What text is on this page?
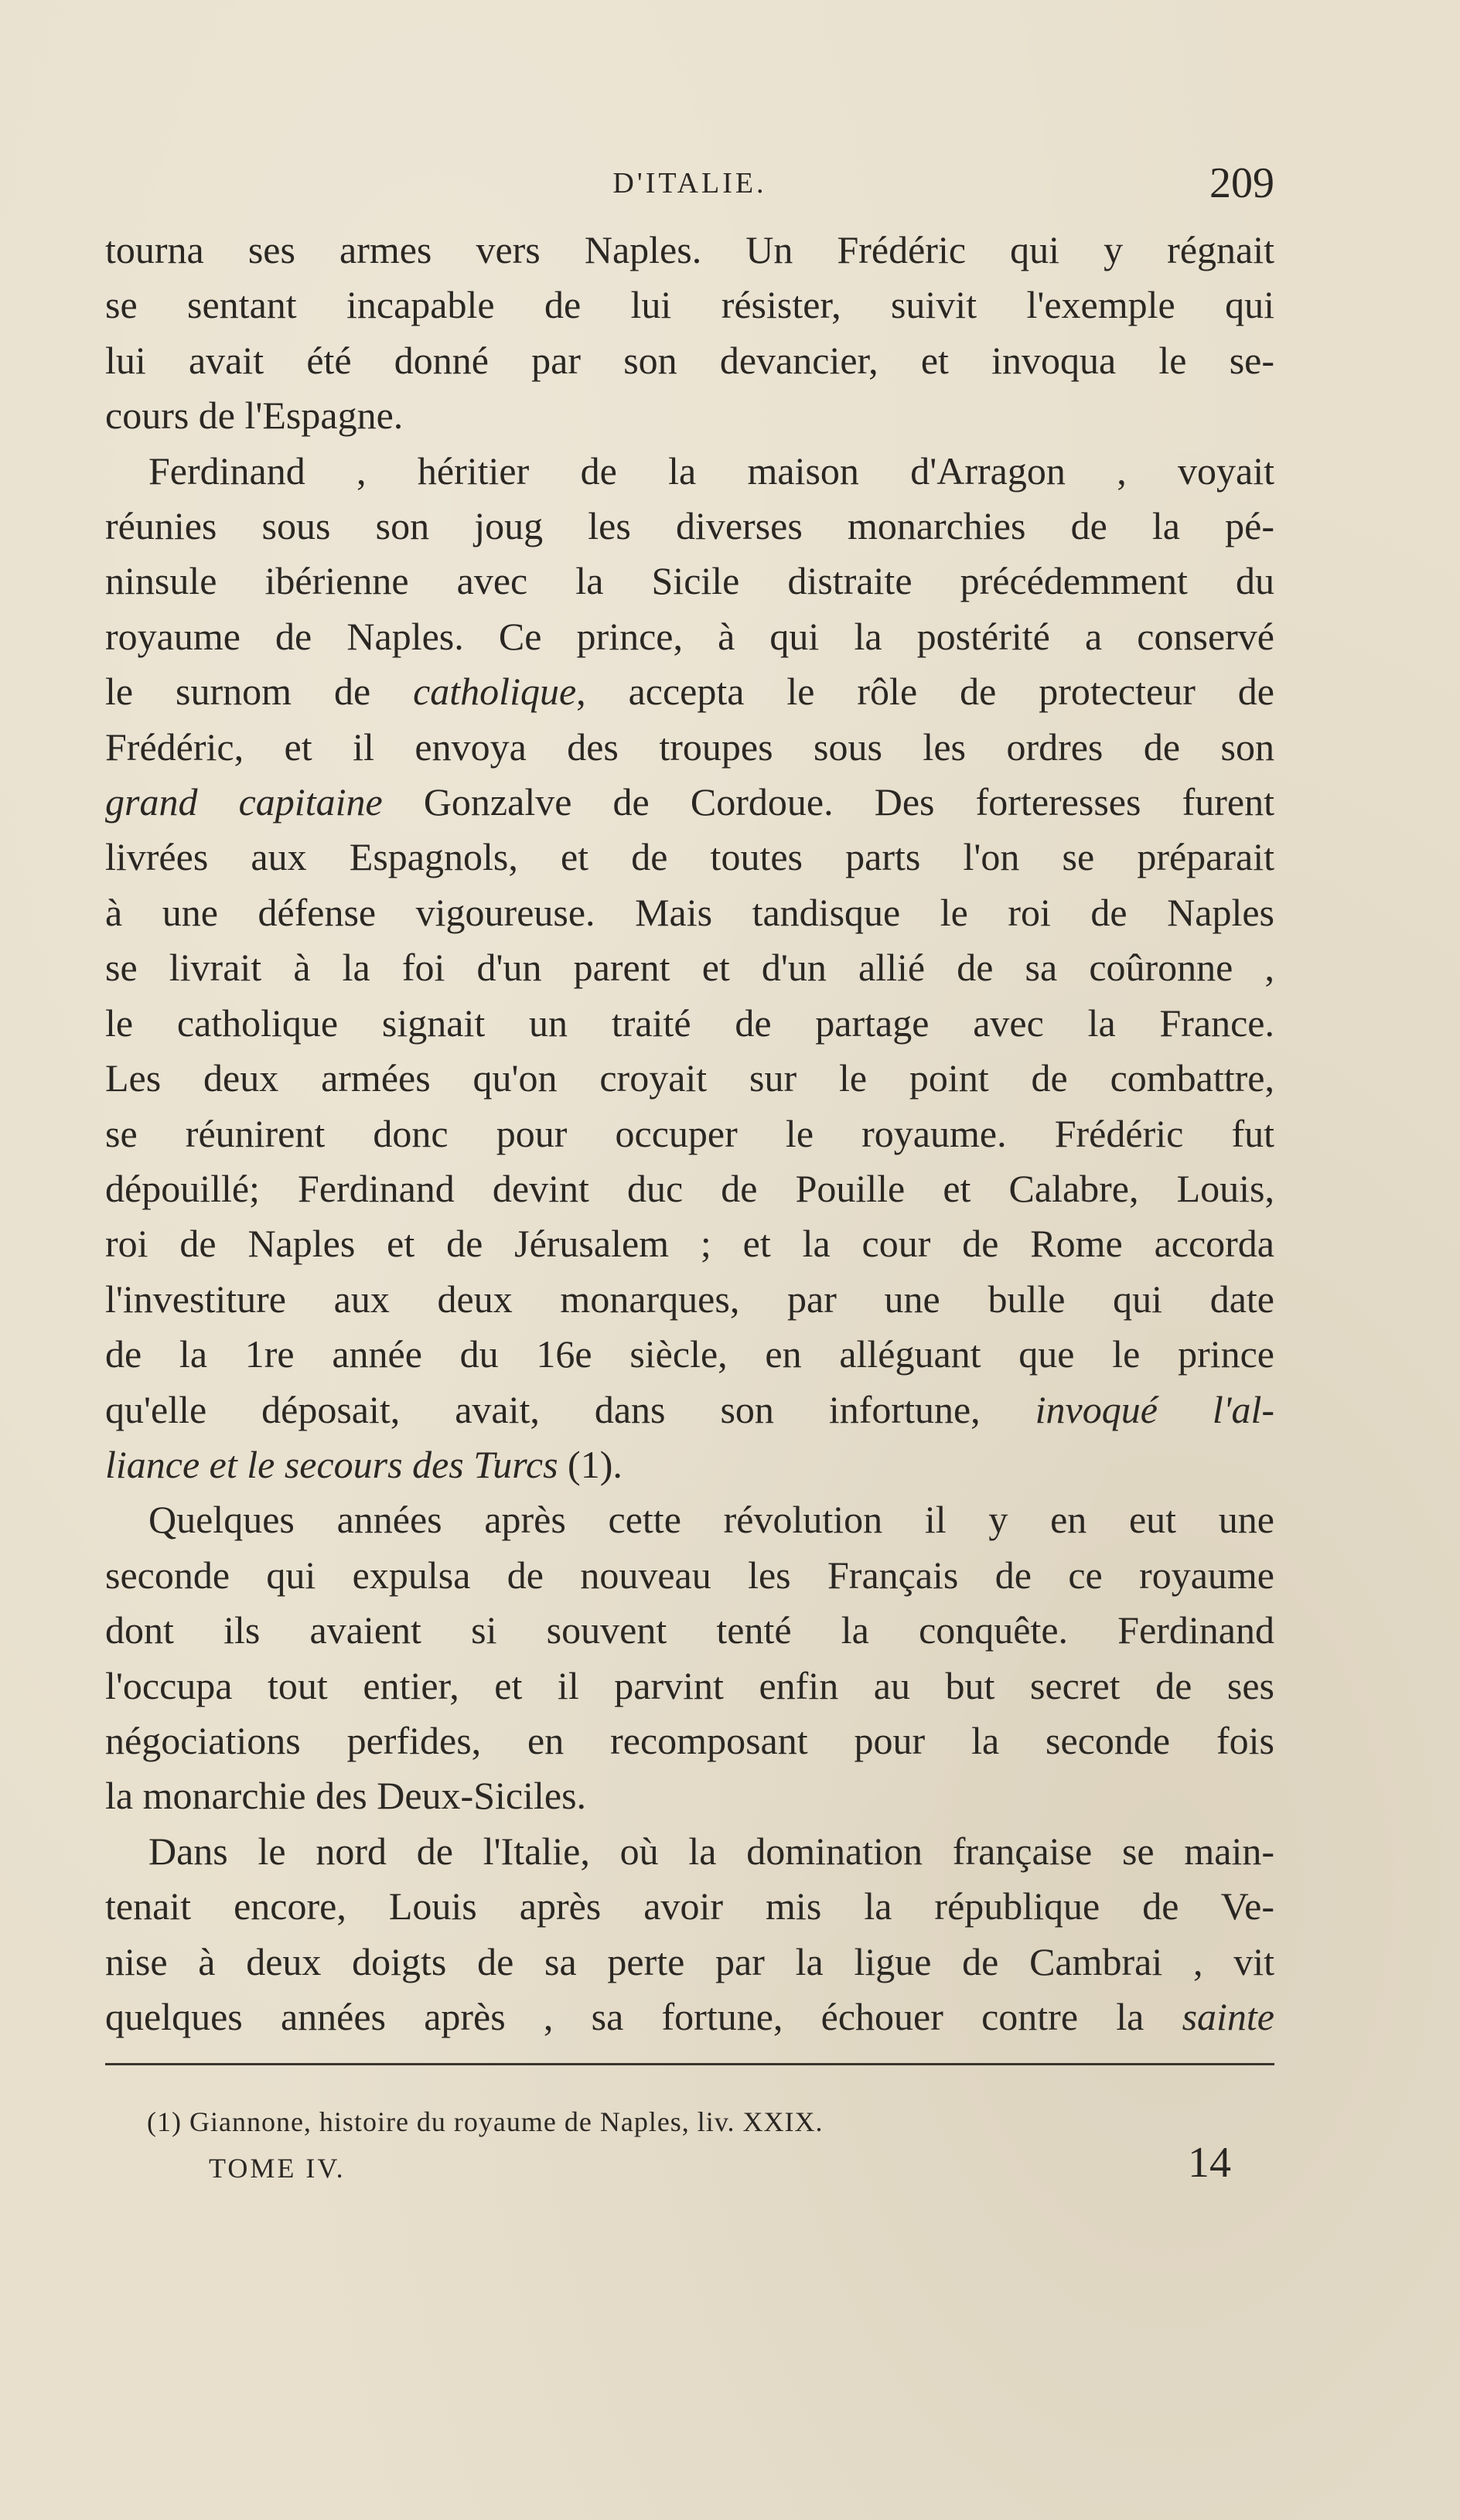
D'ITALIE.	209
tourna ses armes vers Naples. Un Frédéric qui y régnait
se sentant incapable de lui résister, suivit l'exemple qui
lui avait été donné par son devancier, et invoqua le se-
cours de l'Espagne.
Ferdinand , héritier de la maison d'Arragon , voyait
réunies sous son joug les diverses monarchies de la pé-
ninsule ibérienne avec la Sicile distraite précédemment du
royaume de Naples. Ce prince, à qui la postérité a conservé
le surnom de catholique, accepta le rôle de protecteur de
Frédéric, et il envoya des troupes sous les ordres de son
grand capitaine Gonzalve de Cordoue. Des forteresses furent
livrées aux Espagnols, et de toutes parts l'on se préparait
à une défense vigoureuse. Mais tandisque le roi de Naples
se livrait à la foi d'un parent et d'un allié de sa coûronne ,
le catholique signait un traité de partage avec la France.
Les deux armées qu'on croyait sur le point de combattre,
se réunirent donc pour occuper le royaume. Frédéric fut
dépouillé; Ferdinand devint duc de Pouille et Calabre, Louis,
roi de Naples et de Jérusalem ; et la cour de Rome accorda
l'investiture aux deux monarques, par une bulle qui date
de la 1re année du 16e siècle, en alléguant que le prince
qu'elle déposait, avait, dans son infortune, invoqué l'al-
liance et le secours des Turcs (1).
Quelques années après cette révolution il y en eut une
seconde qui expulsa de nouveau les Français de ce royaume
dont ils avaient si souvent tenté la conquête. Ferdinand
l'occupa tout entier, et il parvint enfin au but secret de ses
négociations perfides, en recomposant pour la seconde fois
la monarchie des Deux-Siciles.
Dans le nord de l'Italie, où la domination française se main-
tenait encore, Louis après avoir mis la république de Ve-
nise à deux doigts de sa perte par la ligue de Cambrai , vit
quelques années après , sa fortune, échouer contre la sainte
(1) Giannone, histoire du royaume de Naples, liv. XXIX.
TOME IV.	14
